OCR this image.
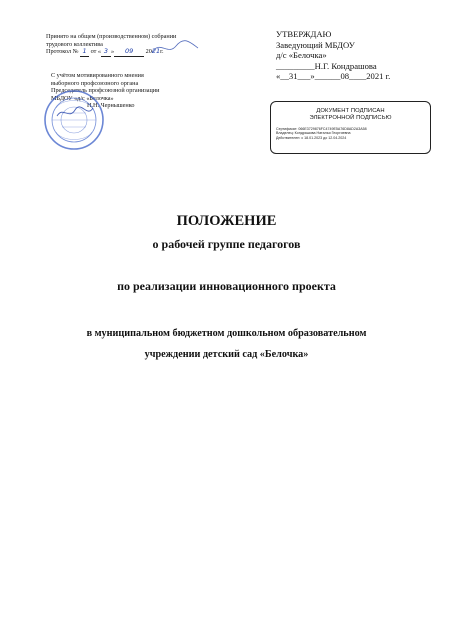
Принято на общем (производственном) собрании
трудового коллектива
Протокол № 1 от « 3 » 09 2021г.
С учётом мотивированного мнения
выборного профсоюзного органа
Председатель профсоюзной организации
МБДОУ «д/с «Белочка»
Н.Н. Чернышенко
УТВЕРЖДАЮ
Заведующий МБДОУ
д/с «Белочка»
_________Н.Г. Кондрашова
«__31___»______08____2021 г.
ДОКУМЕНТ ПОДПИСАН
ЭЛЕКТРОННОЙ ПОДПИСЬЮ
Сертификат: 066E3729876FC4749E5A76D8AD2A3A58
Владелец: Кондрашова Наталья Георгиевна
Действителен: с 18.01.2023 до 12.04.2024
ПОЛОЖЕНИЕ
о рабочей группе педагогов
по реализации инновационного проекта
в муниципальном бюджетном дошкольном образовательном
учреждении детский сад «Белочка»
